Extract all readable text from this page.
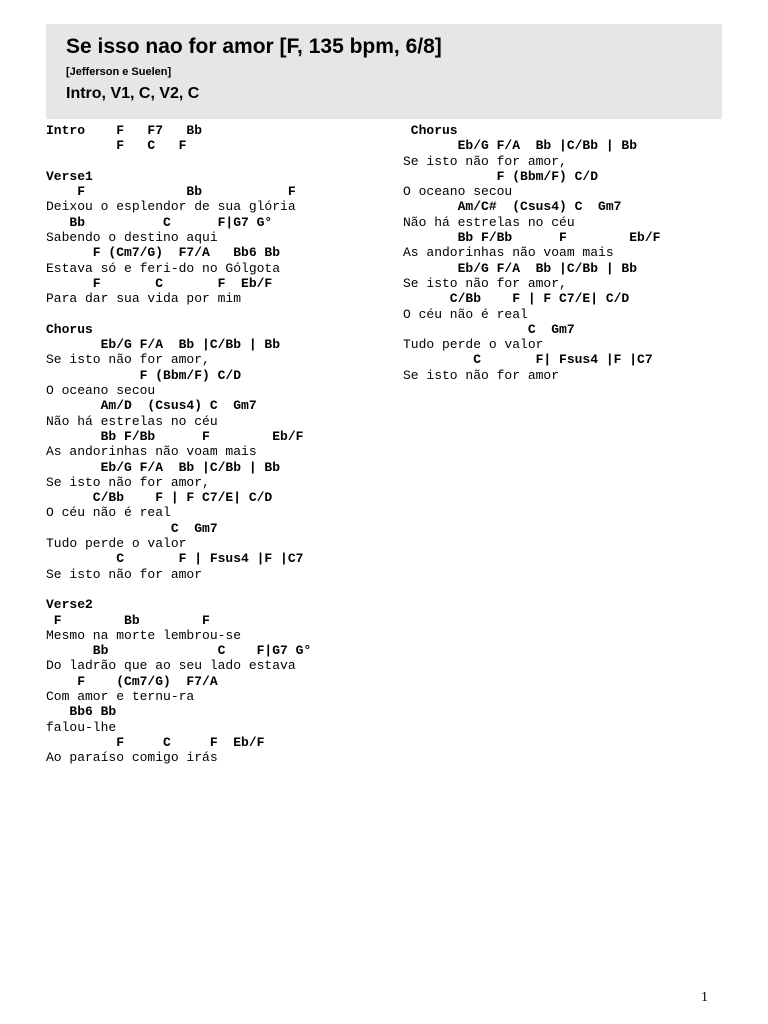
Se isso nao for amor [F, 135 bpm, 6/8]
[Jefferson e Suelen]
Intro, V1, C, V2, C
Intro    F   F7   Bb
F   C   F
Verse1
F             Bb           F
Deixou o esplendor de sua glória
Bb          C      F|G7 G°
Sabendo o destino aqui
F (Cm7/G)  F7/A   Bb6 Bb
Estava só e feri-do no Gólgota
F       C       F  Eb/F
Para dar sua vida por mim
Chorus
Eb/G F/A  Bb |C/Bb | Bb
Se isto não for amor,
F (Bbm/F) C/D
O oceano secou
Am/D  (Csus4) C  Gm7
Não há estrelas no céu
Bb F/Bb      F        Eb/F
As andorinhas não voam mais
Eb/G F/A  Bb |C/Bb | Bb
Se isto não for amor,
C/Bb    F | F C7/E| C/D
O céu não é real
C  Gm7
Tudo perde o valor
C       F | Fsus4 |F |C7
Se isto não for amor
Verse2
F        Bb        F
Mesmo na morte lembrou-se
Bb              C    F|G7 G°
Do ladrão que ao seu lado estava
F    (Cm7/G)  F7/A
Com amor e ternu-ra
Bb6 Bb
falou-lhe
F     C     F  Eb/F
Ao paraíso comigo irás
Chorus
Eb/G F/A  Bb |C/Bb | Bb
Se isto não for amor,
F (Bbm/F) C/D
O oceano secou
Am/C#  (Csus4) C  Gm7
Não há estrelas no céu
Bb F/Bb      F        Eb/F
As andorinhas não voam mais
Eb/G F/A  Bb |C/Bb | Bb
Se isto não for amor,
C/Bb    F | F C7/E| C/D
O céu não é real
C  Gm7
Tudo perde o valor
C       F| Fsus4 |F |C7
Se isto não for amor
1
